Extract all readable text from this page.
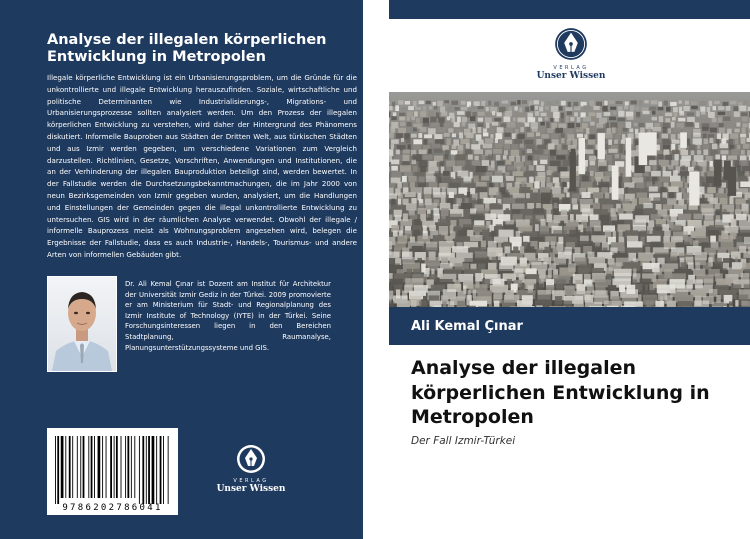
Analyse der illegalen körperlichen Entwicklung in Metropolen

Illegale körperliche Entwicklung ist ein Urbanisierungsproblem, um die Gründe für die unkontrollierte und illegale Entwicklung herauszufinden. Soziale, wirtschaftliche und politische Determinanten wie Industrialisierungs-, Migrations- und Urbanisierungsprozesse sollten analysiert werden. Um den Prozess der illegalen körperlichen Entwicklung zu verstehen, wird daher der Hintergrund des Phänomens diskutiert. Informelle Bauproben aus Städten der Dritten Welt, aus türkischen Städten und aus Izmir werden gegeben, um verschiedene Variationen zum Vergleich darzustellen. Richtlinien, Gesetze, Vorschriften, Anwendungen und Institutionen, die an der Verhinderung der illegalen Bauproduktion beteiligt sind, werden bewertet. In der Fallstudie werden die Durchsetzungsbekanntmachungen, die im Jahr 2000 von neun Bezirksgemeinden von Izmir gegeben wurden, analysiert, um die Handlungen und Einstellungen der Gemeinden gegen die illegal unkontrollierte Entwicklung zu untersuchen. GIS wird in der räumlichen Analyse verwendet. Obwohl der illegale / informelle Bauprozess meist als Wohnungsproblem angesehen wird, belegen die Ergebnisse der Fallstudie, dass es auch Industrie-, Handels-, Tourismus- und andere Arten von informellen Gebäuden gibt.

Dr. Ali Kemal Çınar ist Dozent am Institut für Architektur der Universität Izmir Gediz in der Türkei. 2009 promovierte er am Ministerium für Stadt- und Regionalplanung des Izmir Institute of Technology (IYTE) in der Türkei. Seine Forschungsinteressen liegen in den Bereichen Stadtplanung, Raumanalyse, Planungsunterstützungssysteme und GIS.

9786202786041
VERLAG
Unser Wissen
VERLAG
Unser Wissen
Ali Kemal Çınar
Analyse der illegalen körperlichen Entwicklung in Metropolen
Der Fall Izmir-Türkei
